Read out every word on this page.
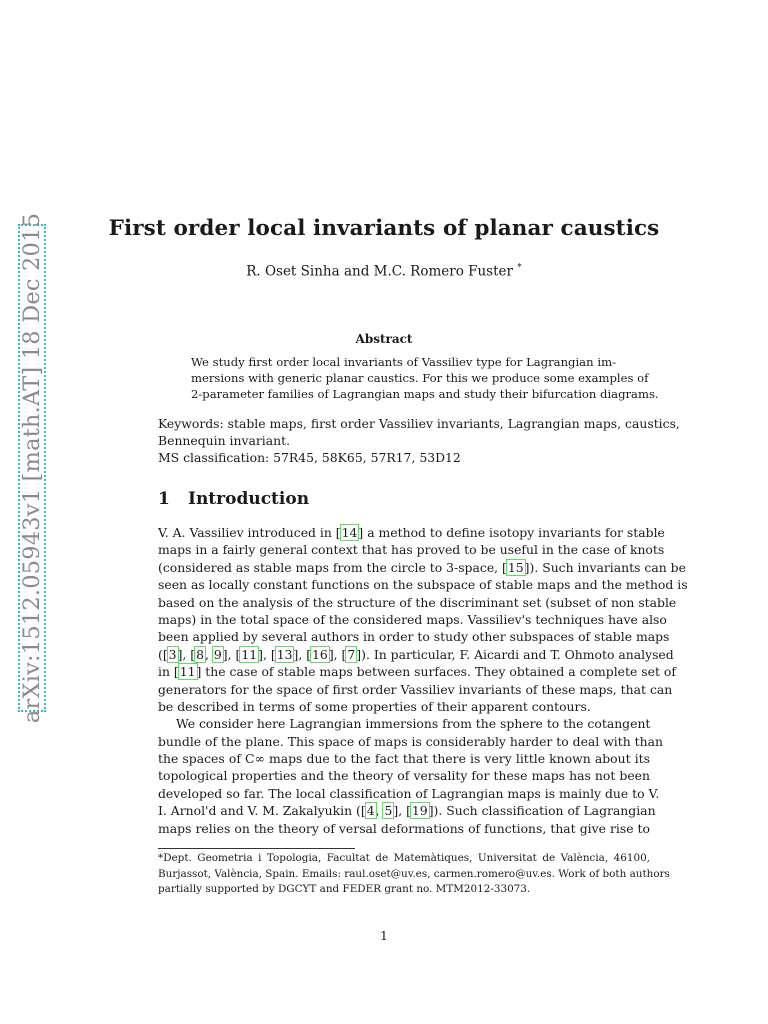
arXiv:1512.05943v1 [math.AT] 18 Dec 2015	First order local invariants of planar caustics
R. Oset Sinha and M.C. Romero Fuster *
Abstract
We study first order local invariants of Vassiliev type for Lagrangian im-
mersions with generic planar caustics. For this we produce some examples of
2-parameter families of Lagrangian maps and study their bifurcation diagrams.
Keywords: stable maps, first order Vassiliev invariants, Lagrangian maps, caustics,
Bennequin invariant.
MS classification: 57R45, 58K65, 57R17, 53D12
1 Introduction
V. A. Vassiliev introduced in [14] a method to define isotopy invariants for stable
maps in a fairly general context that has proved to be useful in the case of knots
(considered as stable maps from the circle to 3-space, [15]). Such invariants can be
seen as locally constant functions on the subspace of stable maps and the method is
based on the analysis of the structure of the discriminant set (subset of non stable
maps) in the total space of the considered maps. Vassiliev's techniques have also
been applied by several authors in order to study other subspaces of stable maps
([3], [8, 9], [11], [13], [16], [7]). In particular, F. Aicardi and T. Ohmoto analysed
in [11] the case of stable maps between surfaces. They obtained a complete set of
generators for the space of first order Vassiliev invariants of these maps, that can
be described in terms of some properties of their apparent contours.
We consider here Lagrangian immersions from the sphere to the cotangent
bundle of the plane. This space of maps is considerably harder to deal with than
the spaces of C∞ maps due to the fact that there is very little known about its
topological properties and the theory of versality for these maps has not been
developed so far. The local classification of Lagrangian maps is mainly due to V.
I. Arnol'd and V. M. Zakalyukin ([4, 5], [19]). Such classification of Lagrangian
maps relies on the theory of versal deformations of functions, that give rise to
*Dept. Geometria i Topologia, Facultat de Matemàtiques, Universitat de València, 46100,
Burjassot, València, Spain. Emails: raul.oset@uv.es, carmen.romero@uv.es. Work of both authors
partially supported by DGCYT and FEDER grant no. MTM2012-33073.
1
